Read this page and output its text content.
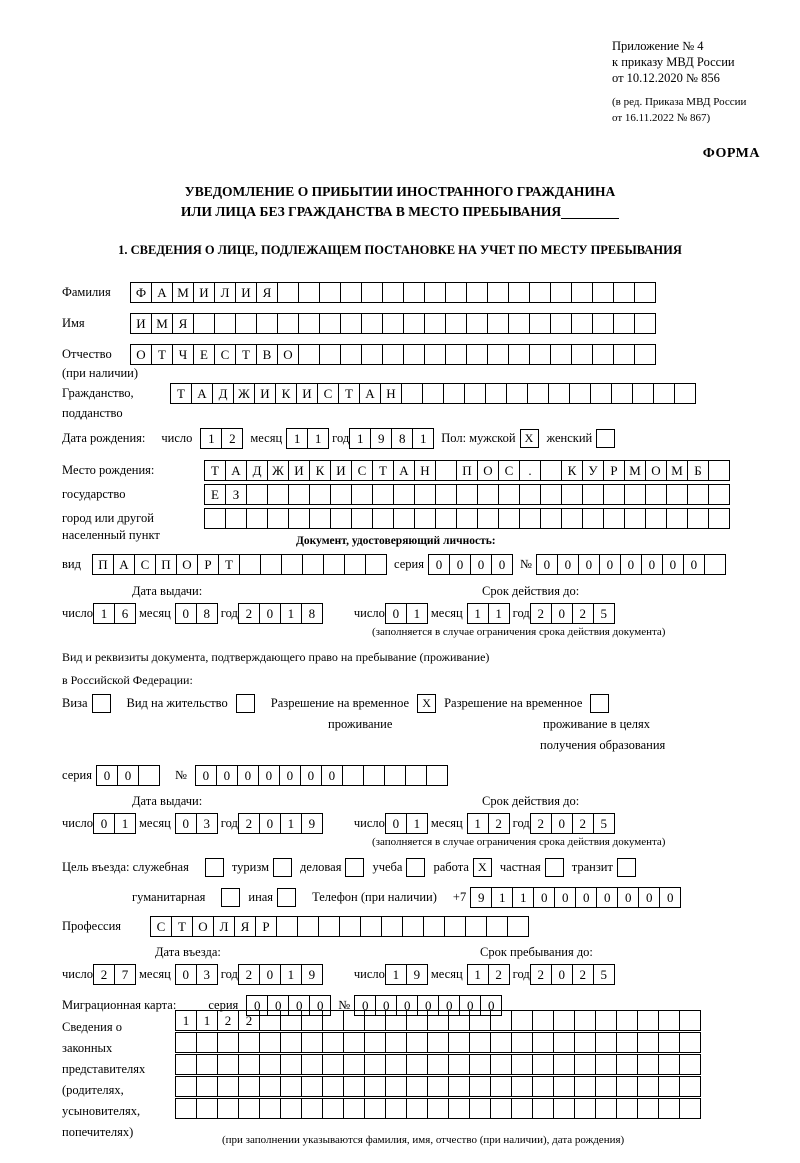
Приложение № 4
к приказу МВД России
от 10.12.2020 № 856
(в ред. Приказа МВД России
от 16.11.2022 № 867)
ФОРМА
УВЕДОМЛЕНИЕ О ПРИБЫТИИ ИНОСТРАННОГО ГРАЖДАНИНА
ИЛИ ЛИЦА БЕЗ ГРАЖДАНСТВА В МЕСТО ПРЕБЫВАНИЯ
1. СВЕДЕНИЯ О ЛИЦЕ, ПОДЛЕЖАЩЕМ ПОСТАНОВКЕ НА УЧЕТ ПО МЕСТУ ПРЕБЫВАНИЯ
Фамилия	Ф А М И Л И Я
Имя	И М Я
Отчество	О Т Ч Е С Т В О
(при наличии)
Гражданство,	Т А Д Ж И К И С Т А Н
подданство
Дата рождения: число	1	2	месяц 1	1 год 1	9	8	1	Пол: мужской X	женский
Место рождения:	Т А Д Ж И К И С Т А Н	П О С	.	К У Р М О М Б
государство	Е	З
город или другой
населенный пункт	Документ, удостоверяющий личность:
вид	П А С П О Р	Т	серия 0	0	0	0	№ 0	0	0	0	0	0	0	0
Дата выдачи:	Срок действия до:
число 1	6 месяц 0	8 год 2	0	1	8	число 0	1 месяц 1	1 год 2	0	2	5
(заполняется в случае ограничения срока действия документа)
Вид и реквизиты документа, подтверждающего право на пребывание (проживание)
в Российской Федерации:
Виза	Вид на жительство	Разрешение на временное	X	Разрешение на временное
проживание	проживание в целях
получения образования
серия 0	0	№	0	0	0	0	0	0	0
Дата выдачи:	Срок действия до:
число 0	1 месяц 0	3 год 2	0	1	9	число 0	1 месяц 1	2 год 2	0	2	5
(заполняется в случае ограничения срока действия документа)
Цель въезда: служебная	туризм деловая учеба работа X	частная транзит
гуманитарная	иная	Телефон (при наличии) +7 9	1	1	0	0	0	0	0	0	0
Профессия	С Т О Л Я	Р
Дата въезда:	Срок пребывания до:
число 2	7 месяц 0	3 год 2	0	1	9	число 1	9 месяц 1	2 год 2	0	2	5
Миграционная карта:	серия	0	0	0	0	№ 0	0	0	0	0	0	0
Сведения о
законных
представителях
(родителях,
усыновителях,
попечителях)
1	1	2	2
(при заполнении указываются фамилия, имя, отчество (при наличии), дата рождения)
